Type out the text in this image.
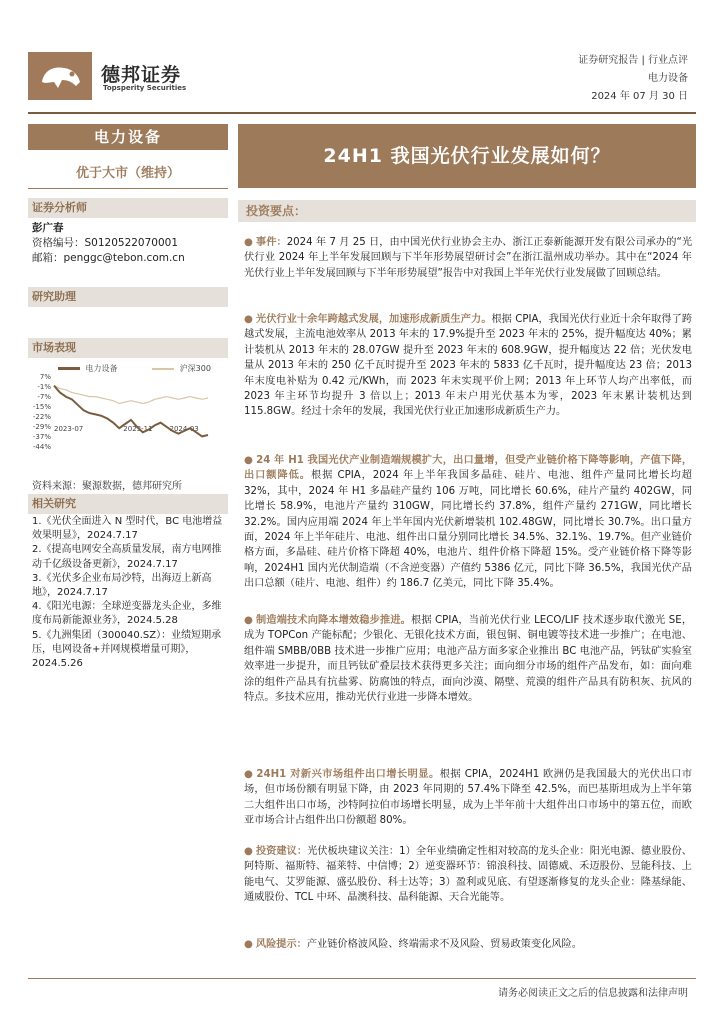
德邦证券
Topsperity Securities
证券研究报告 | 行业点评
电力设备
2024 年 07 月 30 日
电力设备
优于大市（维持）
证券分析师
彭广春
资格编号：S0120522070001
邮箱：penggc@tebon.com.cn
研究助理
市场表现
电力设备	沪深300
7%
-1%
-7%
-15%
-22%
-29%
-37%
-44%
2023-07	2023-11 2024-03
资料来源：聚源数据，德邦研究所
相关研究
1.《光伏全面进入 N 型时代，BC 电池增益效果明显》，2024.7.17
2.《提高电网安全高质量发展，南方电网推动千亿级设备更新》，2024.7.17
3.《光伏多企业布局沙特，出海迈上新高地》，2024.7.17
4.《阳光电源：全球逆变器龙头企业，多维度布局新能源业务》，2024.5.28
5.《九洲集团（300040.SZ）：业绩短期承压，电网设备+并网规模增量可期》，2024.5.26
24H1 我国光伏行业发展如何？
投资要点：
● 事件：2024 年 7 月 25 日，由中国光伏行业协会主办、浙江正泰新能源开发有限公司承办的“光伏行业 2024 年上半年发展回顾与下半年形势展望研讨会”在浙江温州成功举办。其中在“2024 年光伏行业上半年发展回顾与下半年形势展望”报告中对我国上半年光伏行业发展做了回顾总结。
● 光伏行业十余年跨越式发展，加速形成新质生产力。根据 CPIA，我国光伏行业近十余年取得了跨越式发展，主流电池效率从 2013 年末的 17.9%提升至 2023 年末的 25%，提升幅度达 40%；累计装机从 2013 年末的 28.07GW 提升至 2023 年末的 608.9GW，提升幅度达 22 倍；光伏发电量从 2013 年末的 250 亿千瓦时提升至 2023 年末的 5833 亿千瓦时，提升幅度达 23 倍；2013 年末度电补贴为 0.42 元/KWh，而 2023 年末实现平价上网；2013 年上环节人均产出率低，而 2023 年主环节均提升 3 倍以上；2013 年末户用光伏基本为零，2023 年末累计装机达到 115.8GW。经过十余年的发展，我国光伏行业正加速形成新质生产力。
● 24 年 H1 我国光伏产业制造端规模扩大，出口量增，但受产业链价格下降等影响，产值下降，出口额降低。根据 CPIA，2024 年上半年我国多晶硅、硅片、电池、组件产量同比增长均超 32%，其中，2024 年 H1 多晶硅产量约 106 万吨，同比增长 60.6%，硅片产量约 402GW，同比增长 58.9%，电池片产量约 310GW，同比增长约 37.8%，组件产量约 271GW，同比增长 32.2%。国内应用端 2024 年上半年国内光伏新增装机 102.48GW，同比增长 30.7%。出口量方面，2024 年上半年硅片、电池、组件出口量分别同比增长 34.5%、32.1%、19.7%。但产业链价格方面，多晶硅、硅片价格下降超 40%，电池片、组件价格下降超 15%。受产业链价格下降等影响，2024H1 国内光伏制造端（不含逆变器）产值约 5386 亿元，同比下降 36.5%，我国光伏产品出口总额（硅片、电池、组件）约 186.7 亿美元，同比下降 35.4%。
● 制造端技术向降本增效稳步推进。根据 CPIA，当前光伏行业 LECO/LIF 技术逐步取代激光 SE，成为 TOPCon 产能标配；少银化、无银化技术方面，银包铜、铜电镀等技术进一步推广；在电池、组件端 SMBB/0BB 技术进一步推广应用；电池产品方面多家企业推出 BC 电池产品，钙钛矿实验室效率进一步提升，而且钙钛矿叠层技术获得更多关注；面向细分市场的组件产品发布，如：面向难涂的组件产品具有抗盐雾、防腐蚀的特点，面向沙漠、隔壁、荒漠的组件产品具有防积灰、抗风的特点。多技术应用，推动光伏行业进一步降本增效。
● 24H1 对新兴市场组件出口增长明显。根据 CPIA，2024H1 欧洲仍是我国最大的光伏出口市场，但市场份额有明显下降，由 2023 年同期的 57.4%下降至 42.5%，而巴基斯坦成为上半年第二大组件出口市场，沙特阿拉伯市场增长明显，成为上半年前十大组件出口市场中的第五位，而欧亚市场合计占组件出口份额超 80%。
● 投资建议：光伏板块建议关注：1）全年业绩确定性相对较高的龙头企业：阳光电源、德业股份、阿特斯、福斯特、福莱特、中信博；2）逆变器环节：锦浪科技、固德威、禾迈股份、昱能科技、上能电气、艾罗能源、盛弘股份、科士达等；3）盈利或见底、有望逐渐修复的龙头企业：隆基绿能、通威股份、TCL 中环、晶澳科技、晶科能源、天合光能等。
● 风险提示：产业链价格波风险、终端需求不及风险、贸易政策变化风险。
请务必阅读正文之后的信息披露和法律声明
